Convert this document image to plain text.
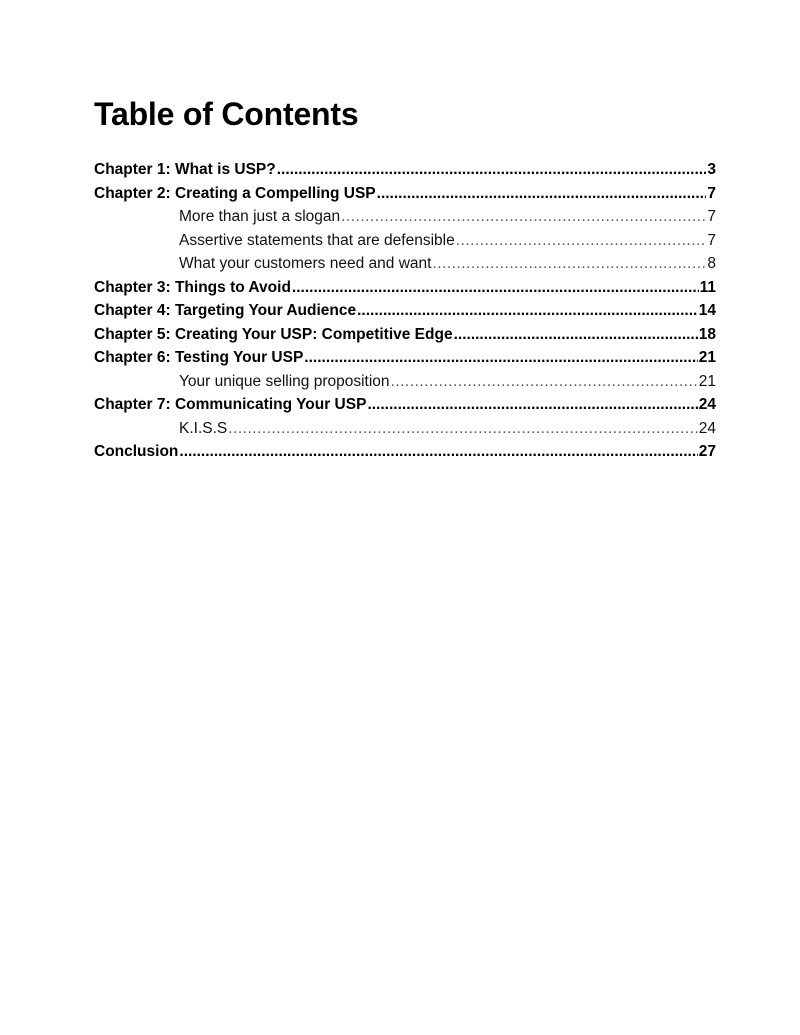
Table of Contents
Chapter 1: What is USP? .....	3
Chapter 2: Creating a Compelling USP .....	7
More than just a slogan .....	7
Assertive statements that are defensible .....	7
What your customers need and want .....	8
Chapter 3: Things to Avoid .....	11
Chapter 4: Targeting Your Audience .....	14
Chapter 5: Creating Your USP: Competitive Edge .....	18
Chapter 6: Testing Your USP .....	21
Your unique selling proposition .....	21
Chapter 7: Communicating Your USP .....	24
K.I.S.S .....	24
Conclusion .....	27
